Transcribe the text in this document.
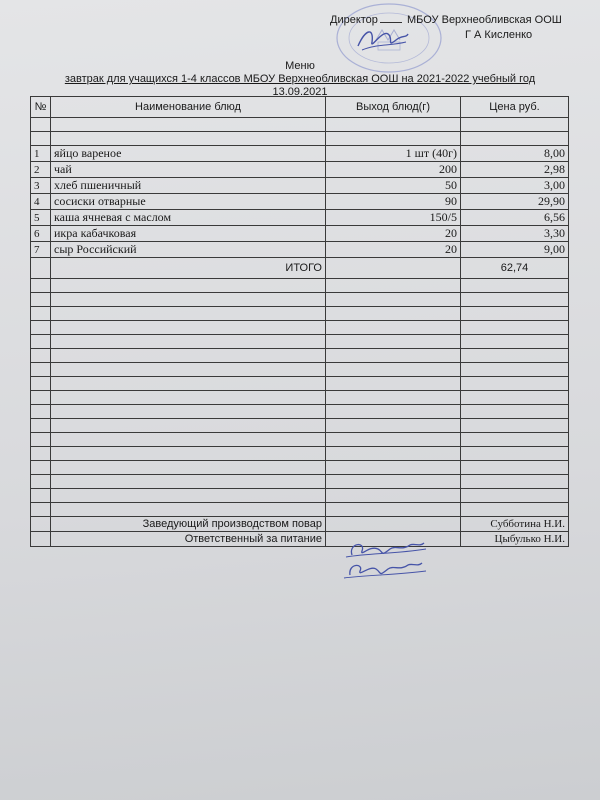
Директор	МБОУ Верхнеобливская ООШ
Г А Кисленко
Меню
завтрак для учащихся 1-4 классов МБОУ Верхнеобливская ООШ на 2021-2022 учебный год
13.09.2021
№	Наименование блюд	Выход блюд(г)	Цена руб.

1	яйцо вареное	1 шт (40г)	8,00
2	чай	200	2,98
3	хлеб пшеничный	50	3,00
4	сосиски отварные	90	29,90
5	каша ячневая с маслом	150/5	6,56
6	икра кабачковая	20	3,30
7	сыр Российский	20	9,00
	ИТОГО		62,74

	Заведующий производством повар		Субботина Н.И.
	Ответственный за питание		Цыбулько Н.И.
